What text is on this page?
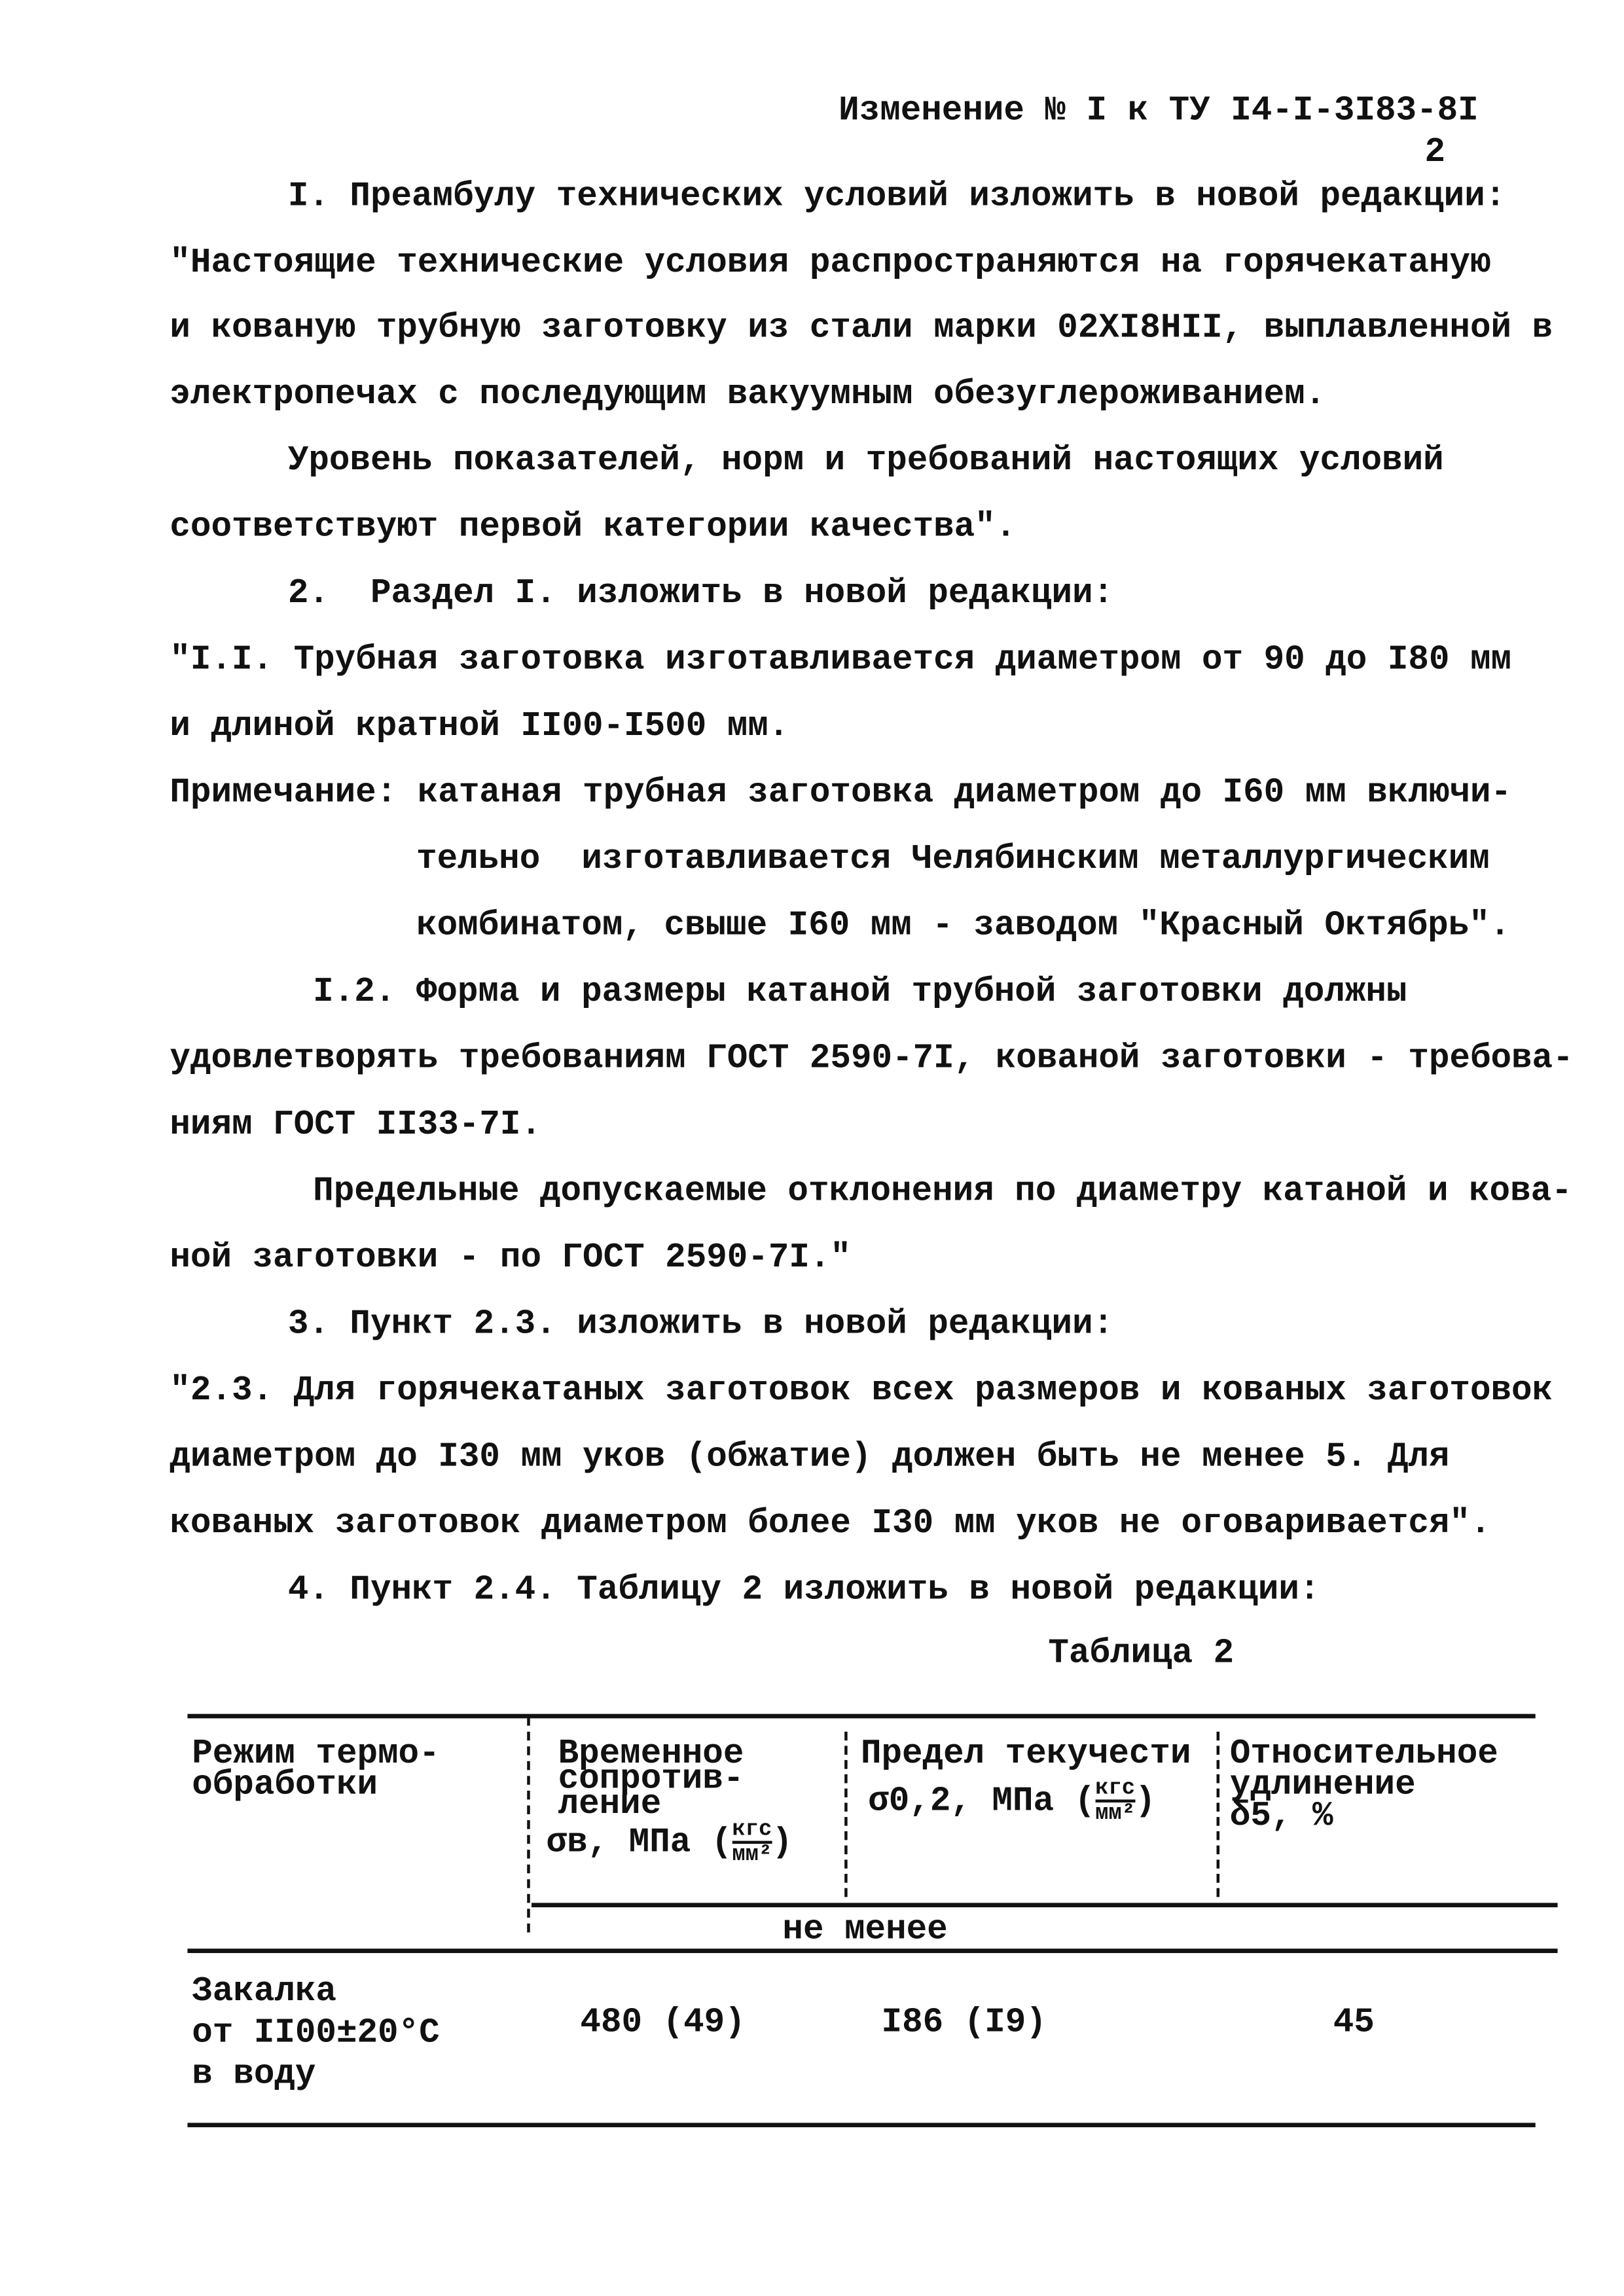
Изменение № I к ТУ I4-I-3I83-8I
2
I. Преамбулу технических условий изложить в новой редакции:
"Настоящие технические условия распространяются на горячекатаную
и кованую трубную заготовку из стали марки 02ХI8НII, выплавленной в
электропечах с последующим вакуумным обезуглероживанием.
Уровень показателей, норм и требований настоящих условий
соответствуют первой категории качества".
2.  Раздел I. изложить в новой редакции:
"I.I. Трубная заготовка изготавливается диаметром от 90 до I80 мм
и длиной кратной II00-I500 мм.
Примечание: катаная трубная заготовка диаметром до I60 мм включи-
тельно  изготавливается Челябинским металлургическим
комбинатом, свыше I60 мм - заводом "Красный Октябрь".
I.2. Форма и размеры катаной трубной заготовки должны
удовлетворять требованиям ГОСТ 2590-7I, кованой заготовки - требова-
ниям ГОСТ II33-7I.
Предельные допускаемые отклонения по диаметру катаной и кова-
ной заготовки - по ГОСТ 2590-7I."
3. Пункт 2.3. изложить в новой редакции:
"2.3. Для горячекатаных заготовок всех размеров и кованых заготовок
диаметром до I30 мм уков (обжатие) должен быть не менее 5. Для
кованых заготовок диаметром более I30 мм уков не оговаривается".
4. Пункт 2.4. Таблицу 2 изложить в новой редакции:
Таблица 2
Режим термо-
обработки
Временное
сопротив-
ление
σв, МПа ( $\frac{\text{кгс}}{\text{мм²}}$ )
Предел текучести
σ0,2, МПа ( $\frac{\text{кгс}}{\text{мм²}}$ )
Относительное
удлинение
δ5, %
не менее
Закалка
от II00±20°С
в воду
480 (49)	I86 (I9)	45
